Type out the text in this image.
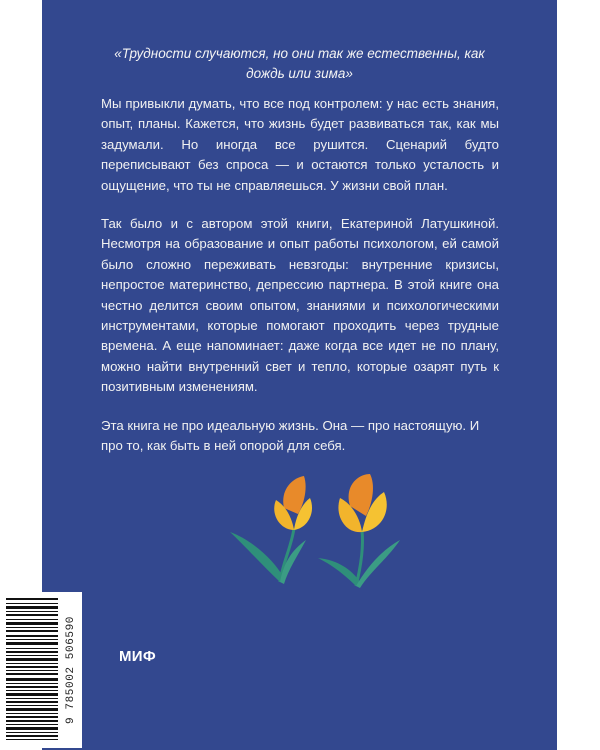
«Трудности случаются, но они так же естественны, как дождь или зима»

Мы привыкли думать, что все под контролем: у нас есть знания, опыт, планы. Кажется, что жизнь будет развиваться так, как мы задумали. Но иногда все рушится. Сценарий будто переписывают без спроса — и остаются только усталость и ощущение, что ты не справляешься. У жизни свой план.

Так было и с автором этой книги, Екатериной Латушкиной. Несмотря на образование и опыт работы психологом, ей самой было сложно переживать невзгоды: внутренние кризисы, непростое материнство, депрессию партнера. В этой книге она честно делится своим опытом, знаниями и психологическими инструментами, которые помогают проходить через трудные времена. А еще напоминает: даже когда все идет не по плану, можно найти внутренний свет и тепло, которые озарят путь к позитивным изменениям.

Эта книга не про идеальную жизнь. Она — про настоящую. И про то, как быть в ней опорой для себя.

МИФ
9 785002 506590
